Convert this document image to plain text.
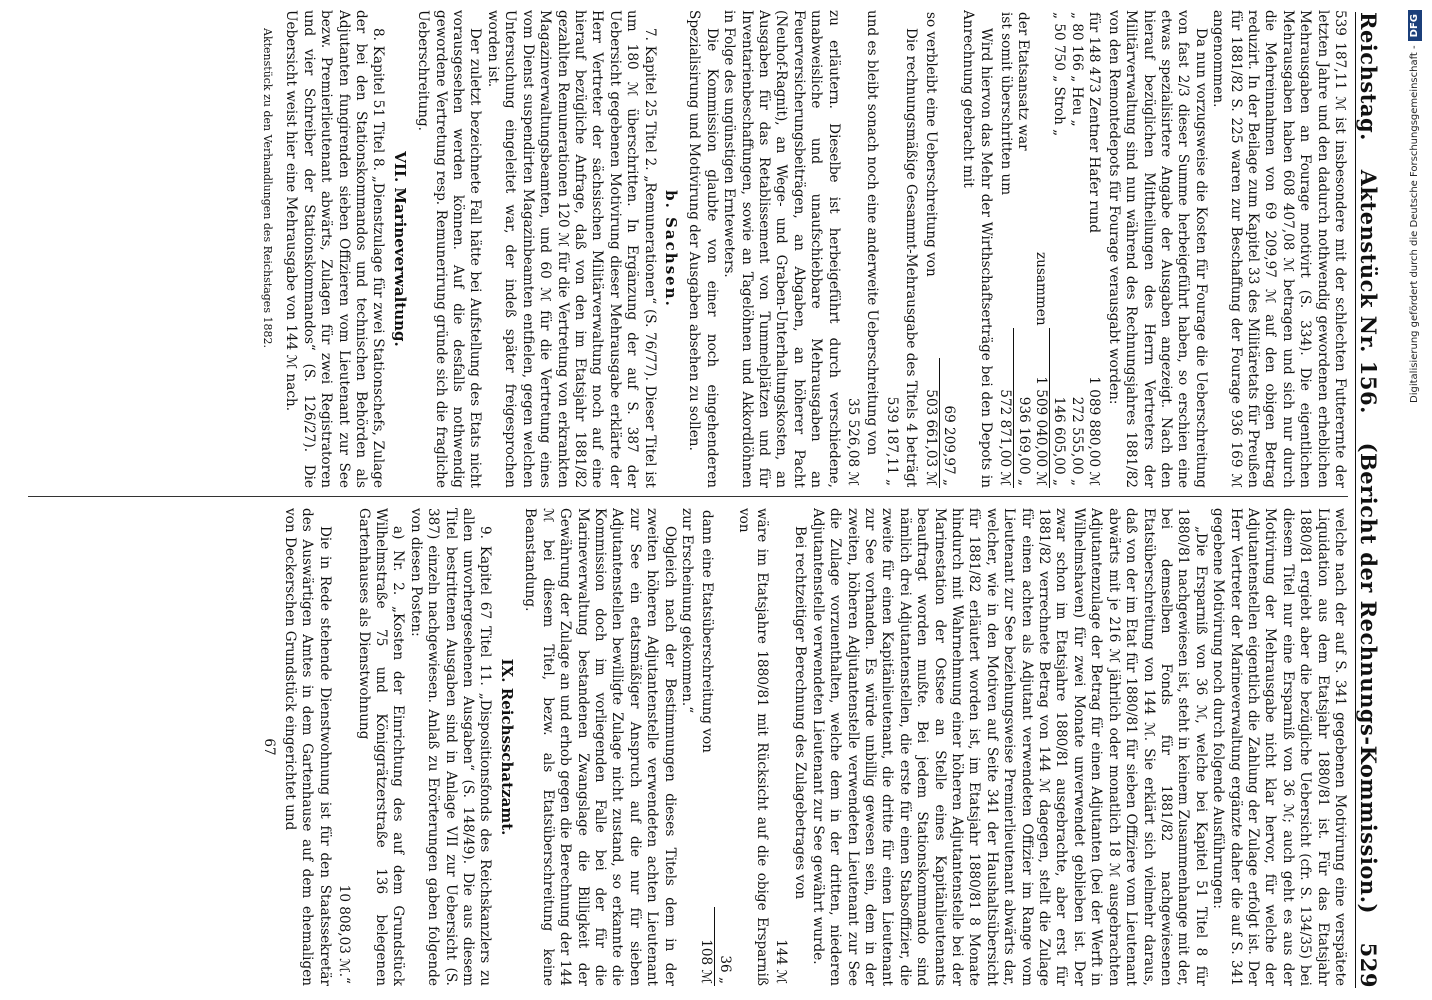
Reichstag.
Aktenstück Nr. 156.
(Bericht der Rechnungs-Kommission.)
529

539 187,11 ℳ ist insbesondere mit der schlechten Futterernte der letzten Jahre und den dadurch nothwendig gewordenen erheblichen Mehrausgaben an Fourage motivirt (S. 334). Die eigentlichen Mehrausgaben haben 608 407,08 ℳ betragen und sich nur durch die Mehreinnahmen von 69 209,97 ℳ auf den obigen Betrag reduzirt. In der Beilage zum Kapitel 33 des Militäretats für Preußen für 1881/82 S. 225 waren zur Beschaffung der Fourage 936 169 ℳ angenommen.

Da nun vorzugsweise die Kosten für Fourage die Ueberschreitung von fast 2/3 dieser Summe herbeigeführt haben, so erschien eine etwas spezialisirtere Angabe der Ausgaben angezeigt. Nach den hierauf bezüglichen Mittheilungen des Herrn Vertreters der Militärverwaltung sind nun während des Rechnungsjahres 1881/82 von den Remontedepots für Fourage verausgabt worden:

für 148 473 Zentner Hafer rund	1 089 880,00 ℳ
„ 80 166 „ Heu „	272 555,00 „
„ 50 750 „ Stroh „	146 605,00 „
zusammen	1 509 040,00 ℳ
der Etatsansatz war	936 169,00 „
ist somit überschritten um	572 871,00 ℳ

Wird hiervon das Mehr der Wirthschaftserträge bei den Depots in Anrechnung gebracht mit

	69 209,97 „
so verbleibt eine Ueberschreitung von	503 661,03 ℳ

Die rechnungsmäßige Gesammt-Mehrausgabe des Titels 4 beträgt

	539 187,11 „

und es bleibt sonach noch eine anderweite Ueberschreitung von

	35 526,08 ℳ

zu erläutern. Dieselbe ist herbeigeführt durch verschiedene, unabweisliche und unaufschiebbare Mehrausgaben an Feuerversicherungsbeiträgen, an Abgaben, an höherer Pacht (Neuhof-Ragnit), an Wege- und Graben-Unterhaltungskosten, an Ausgaben für das Retablissement von Tummelplätzen und für Inventarienbeschaffungen, sowie an Tagelöhnen und Akkordlöhnen in Folge des ungünstigen Ernteweters.

Die Kommission glaubte von einer noch eingehenderen Spezialisirung und Motivirung der Ausgaben absehen zu sollen.

b. Sachsen.

7. Kapitel 25 Titel 2. „Remunerationen“ (S. 76/77). Dieser Titel ist um 180 ℳ überschritten. In Ergänzung der auf S. 387 der Uebersicht gegebenen Motivirung dieser Mehrausgabe erklärte der Herr Vertreter der sächsischen Militärverwaltung noch auf eine hierauf bezügliche Anfrage, daß von den im Etatsjahr 1881/82 gezahlten Remunerationen 120 ℳ für die Vertretung von erkrankten Magazinverwaltungsbeamten, und 60 ℳ für die Vertretung eines vom Dienst suspendirten Magazinbeamten entfielen, gegen welchen Untersuchung eingeleitet war, der indeß später freigesprochen worden ist.

Der zuletzt bezeichnete Fall hätte bei Aufstellung des Etats nicht vorausgesehen werden können. Auf die desfalls nothwendig gewordene Vertretung resp. Remunerirung gründe sich die fragliche Ueberschreitung.

VII. Marineverwaltung.

8. Kapitel 51 Titel 8. „Dienstzulage für zwei Stationschefs, Zulage der bei den Stationskommandos und technischen Behörden als Adjutanten fungirenden sieben Offizieren vom Lieutenant zur See bezw. Premierlieutenant abwärts, Zulagen für zwei Registratoren und vier Schreiber der Stationskommandos“ (S. 126/27). Die Uebersicht weist hier eine Mehrausgabe von 144 ℳ nach.

Aktenstück zu den Verhandlungen des Reichstages 1882.

welche nach der auf S. 341 gegebenen Motivirung eine verspätete Liquidation aus dem Etatsjahr 1880/81 ist. Für das Etatsjahr 1880/81 ergiebt aber die bezügliche Uebersicht (cfr. S. 134/35) bei diesem Titel nur eine Ersparniß von 36 ℳ; auch geht es aus der Motivirung der Mehrausgabe nicht klar hervor, für welche der Adjutantenstellen eigentlich die Zahlung der Zulage erfolgt ist. Der Herr Vertreter der Marineverwaltung ergänzte daher die auf S. 341 gegebene Motivirung noch durch folgende Ausführungen:

„Die Ersparniß von 36 ℳ, welche bei Kapitel 51 Titel 8 für 1880/81 nachgewiesen ist, steht in keinem Zusammenhange mit der, bei demselben Fonds für 1881/82 nachgewiesenen Etatsüberschreitung von 144 ℳ. Sie erklärt sich vielmehr daraus, daß von der im Etat für 1880/81 für sieben Offiziere vom Lieutenant abwärts mit je 216 ℳ jährlich oder monatlich 18 ℳ ausgebrachten Adjutantenzulage der Betrag für einen Adjutanten (bei der Werft in Wilhelmshaven) für zwei Monate unverwendet geblieben ist. Der zwar schon im Etatsjahre 1880/81 ausgebrachte, aber erst für 1881/82 verrechnete Betrag von 144 ℳ dagegen, stellt die Zulage für einen achten als Adjutant verwendeten Offizier im Range vom Lieutenant zur See beziehungsweise Premierlieutenant abwärts dar, welcher, wie in den Motiven auf Seite 341 der Haushaltsübersicht für 1881/82 erläutert worden ist, im Etatsjahr 1880/81 8 Monate hindurch mit Wahrnehmung einer höheren Adjutantenstelle bei der Marinestation der Ostsee an Stelle eines Kapitänlieutenants beauftragt worden mußte. Bei jedem Stationskommando sind nämlich drei Adjutantenstellen, die erste für einen Stabsoffizier, die zweite für einen Kapitänlieutenant, die dritte für einen Lieutenant zur See vorhanden. Es würde unbillig gewesen sein, dem in der zweiten, höheren Adjutantenstelle verwendeten Lieutenant zur See die Zulage vorzuenthalten, welche dem in der dritten, niederen Adjutantenstelle verwendeten Lieutenant zur See gewährt wurde.

Bei rechtzeitiger Berechnung des Zulagebetrages von

	144 ℳ

wäre im Etatsjahre 1880/81 mit Rücksicht auf die obige Ersparniß von

	36 „
dann eine Etatsüberschreitung von	108 ℳ

zur Erscheinung gekommen.“

Obgleich nach der Bestimmungen dieses Titels dem in der zweiten höheren Adjutantenstelle verwendeten achten Lieutenant zur See ein etatsmäßiger Anspruch auf die nur für sieben Adjutantenstellen bewilligte Zulage nicht zustand, so erkannte die Kommission doch im vorliegenden Falle bei der für die Marineverwaltung bestandenen Zwangslage die Billigkeit der Gewährung der Zulage an und erhob gegen die Berechnung der 144 ℳ bei diesem Titel, bezw. als Etatsüberschreitung keine Beanstandung.

IX. Reichsschatzamt.

9. Kapitel 67 Titel 11. „Dispositionsfonds des Reichskanzlers zu allen unvorhergesehenen Ausgaben“ (S. 148/49). Die aus diesem Titel bestrittenen Ausgaben sind in Anlage VII zur Uebersicht (S. 387) einzeln nachgewiesen. Anlaß zu Erörterungen gaben folgende von diesen Posten:

a) Nr. 2. „Kosten der Einrichtung des auf dem Grundstück Wilhelmstraße 75 und Königgrätzerstraße 136 belegenen Gartenhauses als Dienstwohnung

	10 808,03 ℳ.“

Die in Rede stehende Dienstwohnung ist für den Staatssekretär des Auswärtigen Amtes in dem Gartenhause auf dem ehemaligen von Deckerschen Grundstück eingerichtet und

67

Digitalisierung gefördert durch die Deutsche Forschungsgemeinschaft -DFG
